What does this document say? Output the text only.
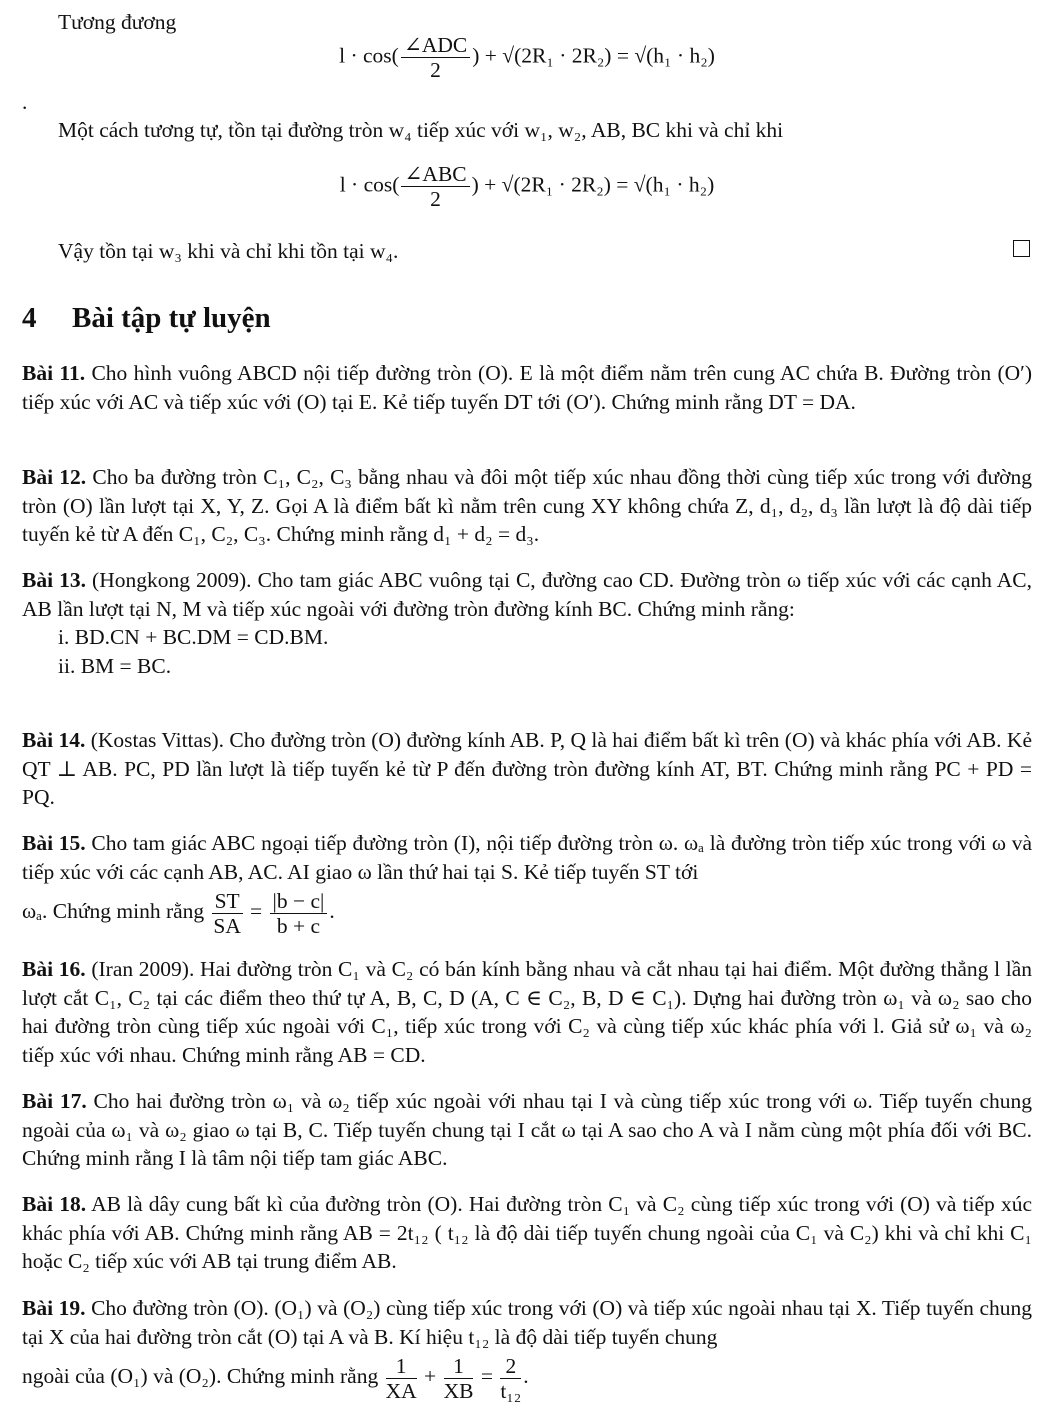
Tương đương

$l \cdot \cos( \frac{\text{∠ADC}}{2}$ ) + √(2R₁ · 2R₂) = √(h₁ · h₂)

.

Một cách tương tự, tồn tại đường tròn w₄ tiếp xúc với w₁, w₂, AB, BC khi và chỉ khi

$l \cdot \cos( \frac{\text{∠ABC}}{2}$ ) + √(2R₁ · 2R₂) = √(h₁ · h₂)

Vậy tồn tại w₃ khi và chỉ khi tồn tại w₄.

4 Bài tập tự luyện

Bài 11. Cho hình vuông ABCD nội tiếp đường tròn (O). E là một điểm nằm trên cung AC chứa B. Đường tròn (O′) tiếp xúc với AC và tiếp xúc với (O) tại E. Kẻ tiếp tuyến DT tới (O′). Chứng minh rằng DT = DA.

Bài 12. Cho ba đường tròn C₁, C₂, C₃ bằng nhau và đôi một tiếp xúc nhau đồng thời cùng tiếp xúc trong với đường tròn (O) lần lượt tại X, Y, Z. Gọi A là điểm bất kì nằm trên cung XY không chứa Z, d₁, d₂, d₃ lần lượt là độ dài tiếp tuyến kẻ từ A đến C₁, C₂, C₃. Chứng minh rằng d₁ + d₂ = d₃.

Bài 13. (Hongkong 2009). Cho tam giác ABC vuông tại C, đường cao CD. Đường tròn ω tiếp xúc với các cạnh AC, AB lần lượt tại N, M và tiếp xúc ngoài với đường tròn đường kính BC. Chứng minh rằng:

i. BD.CN + BC.DM = CD.BM.

ii. BM = BC.

Bài 14. (Kostas Vittas). Cho đường tròn (O) đường kính AB. P, Q là hai điểm bất kì trên (O) và khác phía với AB. Kẻ QT ⊥ AB. PC, PD lần lượt là tiếp tuyến kẻ từ P đến đường tròn đường kính AT, BT. Chứng minh rằng PC + PD = PQ.

Bài 15. Cho tam giác ABC ngoại tiếp đường tròn (I), nội tiếp đường tròn ω. ωₐ là đường tròn tiếp xúc trong với ω và tiếp xúc với các cạnh AB, AC. AI giao ω lần thứ hai tại S. Kẻ tiếp tuyến ST tới

ωₐ. Chứng minh rằng $\frac{ST}{SA} = \frac{|b - c|}{b + c}$ .

Bài 16. (Iran 2009). Hai đường tròn C₁ và C₂ có bán kính bằng nhau và cắt nhau tại hai điểm. Một đường thẳng l lần lượt cắt C₁, C₂ tại các điểm theo thứ tự A, B, C, D (A, C ∈ C₂, B, D ∈ C₁). Dựng hai đường tròn ω₁ và ω₂ sao cho hai đường tròn cùng tiếp xúc ngoài với C₁, tiếp xúc trong với C₂ và cùng tiếp xúc khác phía với l. Giả sử ω₁ và ω₂ tiếp xúc với nhau. Chứng minh rằng AB = CD.

Bài 17. Cho hai đường tròn ω₁ và ω₂ tiếp xúc ngoài với nhau tại I và cùng tiếp xúc trong với ω. Tiếp tuyến chung ngoài của ω₁ và ω₂ giao ω tại B, C. Tiếp tuyến chung tại I cắt ω tại A sao cho A và I nằm cùng một phía đối với BC. Chứng minh rằng I là tâm nội tiếp tam giác ABC.

Bài 18. AB là dây cung bất kì của đường tròn (O). Hai đường tròn C₁ và C₂ cùng tiếp xúc trong với (O) và tiếp xúc khác phía với AB. Chứng minh rằng AB = 2t₁₂ ( t₁₂ là độ dài tiếp tuyến chung ngoài của C₁ và C₂) khi và chỉ khi C₁ hoặc C₂ tiếp xúc với AB tại trung điểm AB.

Bài 19. Cho đường tròn (O). (O₁) và (O₂) cùng tiếp xúc trong với (O) và tiếp xúc ngoài nhau tại X. Tiếp tuyến chung tại X của hai đường tròn cắt (O) tại A và B. Kí hiệu t₁₂ là độ dài tiếp tuyến chung

ngoài của (O₁) và (O₂). Chứng minh rằng $\frac{1}{XA} + \frac{1}{XB} = \frac{2}{\text{t₁₂}}$ .
